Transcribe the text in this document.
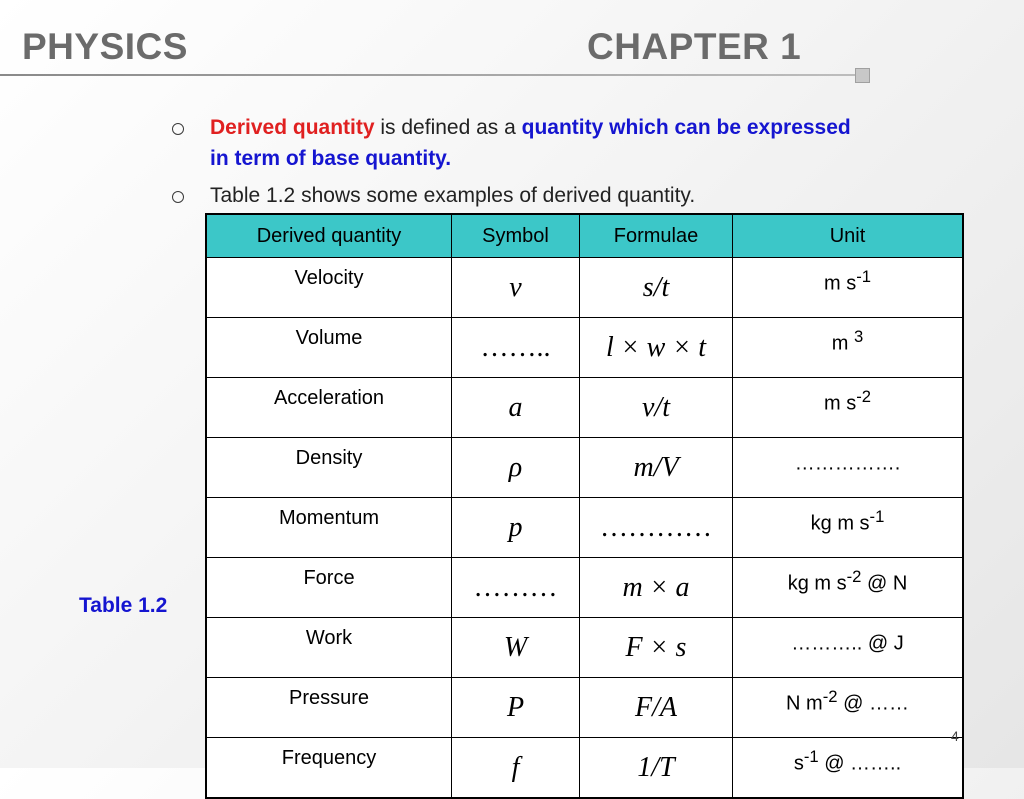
PHYSICS	CHAPTER 1
Derived quantity is defined as a quantity which can be expressed
in term of base quantity.
Table 1.2 shows some examples of derived quantity.
Derived quantity	Symbol	Formulae	Unit
Velocity	v	s/t	m $s^{-1}$
Volume	……..	l × w × t	m $^3$
Acceleration	a	v/t	m $s^{-2}$
Density	ρ	m/V	…………….
Momentum	p	…………	kg m $s^{-1}$
Force	………	m × a	kg m $s^{-2}$ @ N
Work	W	F × s	……….. @ J
Pressure	P	F/A	N $m^{-2}$ @ ……
Frequency	f	1/T	$s^{-1}$ @ ……..
Table 1.2
4
